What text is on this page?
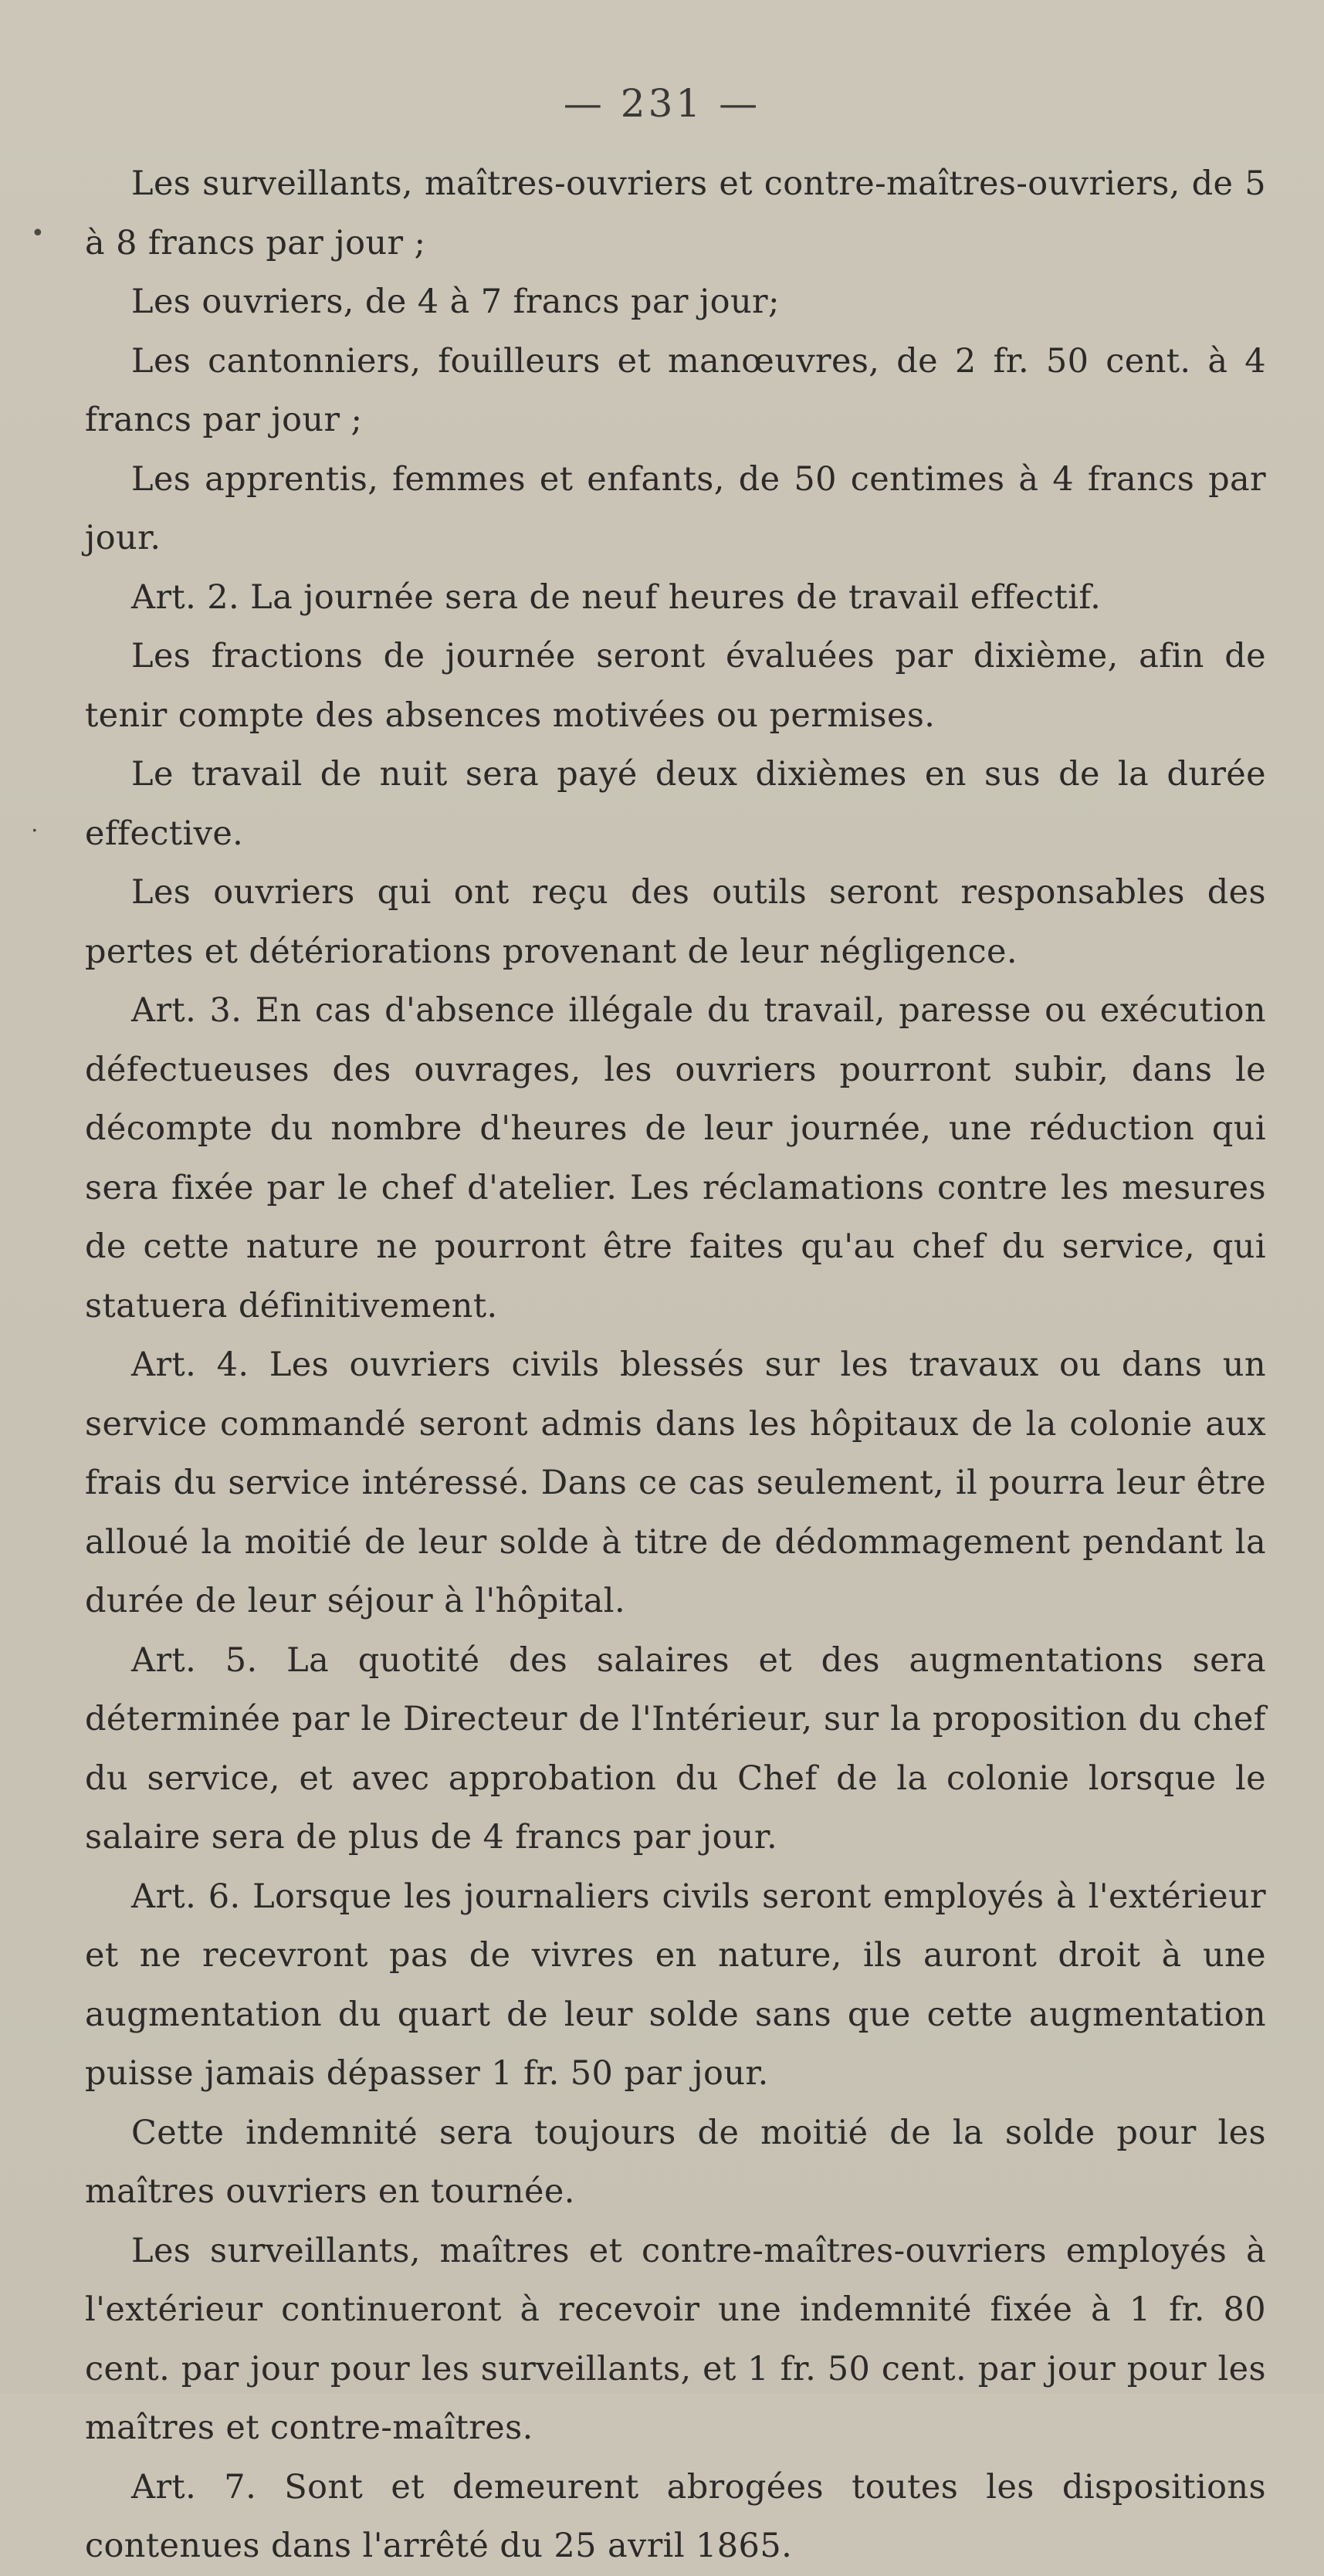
— 231 —
•
.

Les surveillants, maîtres-ouvriers et contre-maîtres-ouvriers, de 5 à 8 francs par jour ;

Les ouvriers, de 4 à 7 francs par jour;

Les cantonniers, fouilleurs et manœuvres, de 2 fr. 50 cent. à 4 francs par jour ;

Les apprentis, femmes et enfants, de 50 centimes à 4 francs par jour.

Art. 2. La journée sera de neuf heures de travail effectif.

Les fractions de journée seront évaluées par dixième, afin de tenir compte des absences motivées ou permises.

Le travail de nuit sera payé deux dixièmes en sus de la durée effective.

Les ouvriers qui ont reçu des outils seront responsables des pertes et détériorations provenant de leur négligence.

Art. 3. En cas d'absence illégale du travail, paresse ou exécution défectueuses des ouvrages, les ouvriers pourront subir, dans le décompte du nombre d'heures de leur journée, une réduction qui sera fixée par le chef d'atelier. Les réclamations contre les mesures de cette nature ne pourront être faites qu'au chef du service, qui statuera définitivement.

Art. 4. Les ouvriers civils blessés sur les travaux ou dans un service commandé seront admis dans les hôpitaux de la colonie aux frais du service intéressé. Dans ce cas seulement, il pourra leur être alloué la moitié de leur solde à titre de dédommagement pendant la durée de leur séjour à l'hôpital.

Art. 5. La quotité des salaires et des augmentations sera déterminée par le Directeur de l'Intérieur, sur la proposition du chef du service, et avec approbation du Chef de la colonie lorsque le salaire sera de plus de 4 francs par jour.

Art. 6. Lorsque les journaliers civils seront employés à l'extérieur et ne recevront pas de vivres en nature, ils auront droit à une augmentation du quart de leur solde sans que cette augmentation puisse jamais dépasser 1 fr. 50 par jour.

Cette indemnité sera toujours de moitié de la solde pour les maîtres ouvriers en tournée.

Les surveillants, maîtres et contre-maîtres-ouvriers employés à l'extérieur continueront à recevoir une indemnité fixée à 1 fr. 80 cent. par jour pour les surveillants, et 1 fr. 50 cent. par jour pour les maîtres et contre-maîtres.

Art. 7. Sont et demeurent abrogées toutes les dispositions contenues dans l'arrêté du 25 avril 1865.
